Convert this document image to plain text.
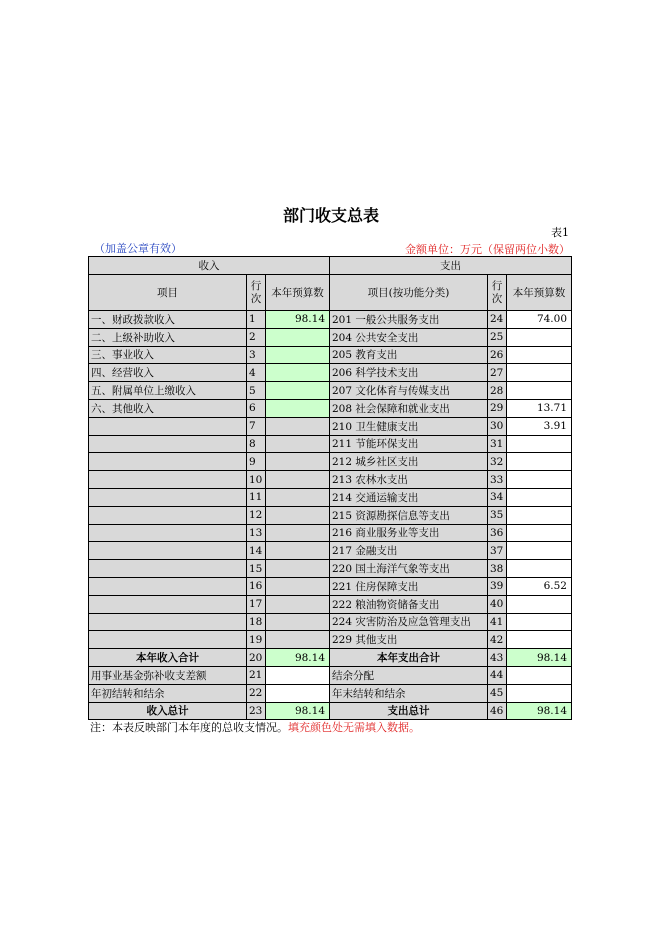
部门收支总表
表1
（加盖公章有效）	金额单位：万元（保留两位小数）
收入			支出		
项目	行次	本年预算数	项目(按功能分类)	行次	本年预算数
一、财政拨款收入	1	98.14	201 一般公共服务支出	24	74.00
二、上级补助收入	2		204 公共安全支出	25	
三、事业收入	3		205 教育支出	26	
四、经营收入	4		206 科学技术支出	27	
五、附属单位上缴收入	5		207 文化体育与传媒支出	28	
六、其他收入	6		208 社会保障和就业支出	29	13.71
	7		210 卫生健康支出	30	3.91
	8		211 节能环保支出	31	
	9		212 城乡社区支出	32	
	10		213 农林水支出	33	
	11		214 交通运输支出	34	
	12		215 资源勘探信息等支出	35	
	13		216 商业服务业等支出	36	
	14		217 金融支出	37	
	15		220 国土海洋气象等支出	38	
	16		221 住房保障支出	39	6.52
	17		222 粮油物资储备支出	40	
	18		224 灾害防治及应急管理支出	41	
	19		229 其他支出	42	
本年收入合计	20	98.14	本年支出合计	43	98.14
用事业基金弥补收支差额	21		结余分配	44	
年初结转和结余	22		年末结转和结余	45	
收入总计	23	98.14	支出总计	46	98.14
注：本表反映部门本年度的总收支情况。填充颜色处无需填入数据。
